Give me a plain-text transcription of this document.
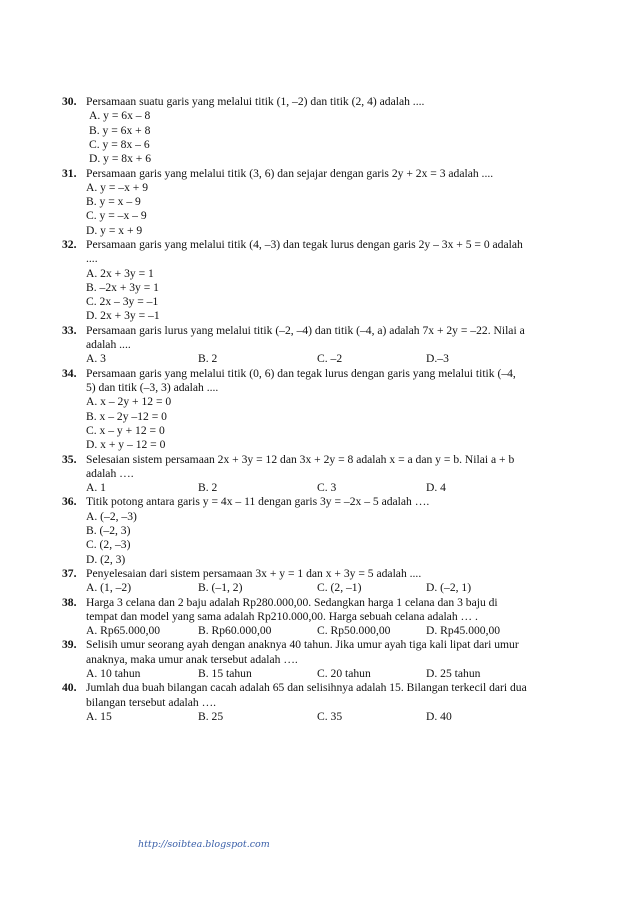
30. Persamaan suatu garis yang melalui titik (1, –2) dan titik (2, 4) adalah ....
A. y = 6x – 8
B. y = 6x + 8
C. y = 8x – 6
D. y = 8x + 6
31. Persamaan garis yang melalui titik (3, 6) dan sejajar dengan garis 2y + 2x = 3 adalah ....
A. y = –x + 9
B. y = x – 9
C. y = –x – 9
D. y = x + 9
32. Persamaan garis yang melalui titik (4, –3) dan tegak lurus dengan garis 2y – 3x + 5 = 0 adalah
....
A. 2x + 3y = 1
B. –2x + 3y = 1
C. 2x – 3y = –1
D. 2x + 3y = –1
33. Persamaan garis lurus yang melalui titik (–2, –4) dan titik (–4, a) adalah 7x + 2y = –22. Nilai a
adalah ....
A. 3	B. 2	C. –2	D.–3
34. Persamaan garis yang melalui titik (0, 6) dan tegak lurus dengan garis yang melalui titik (–4,
5) dan titik (–3, 3) adalah ....
A. x – 2y + 12 = 0
B. x – 2y –12 = 0
C. x – y + 12 = 0
D. x + y – 12 = 0
35. Selesaian sistem persamaan 2x + 3y = 12 dan 3x + 2y = 8 adalah x = a dan y = b. Nilai a + b
adalah ….
A. 1	B. 2	C. 3	D. 4
36. Titik potong antara garis y = 4x – 11 dengan garis 3y = –2x – 5 adalah ….
A. (–2, –3)
B. (–2, 3)
C. (2, –3)
D. (2, 3)
37. Penyelesaian dari sistem persamaan 3x + y = 1 dan x + 3y = 5 adalah ....
A. (1, –2)	B. (–1, 2)	C. (2, –1)	D. (–2, 1)
38. Harga 3 celana dan 2 baju adalah Rp280.000,00. Sedangkan harga 1 celana dan 3 baju di
tempat dan model yang sama adalah Rp210.000,00. Harga sebuah celana adalah … .
A. Rp65.000,00	B. Rp60.000,00	C. Rp50.000,00	D. Rp45.000,00
39. Selisih umur seorang ayah dengan anaknya 40 tahun. Jika umur ayah tiga kali lipat dari umur
anaknya, maka umur anak tersebut adalah ….
A. 10 tahun	B. 15 tahun	C. 20 tahun	D. 25 tahun
40. Jumlah dua buah bilangan cacah adalah 65 dan selisihnya adalah 15. Bilangan terkecil dari dua
bilangan tersebut adalah ….
A. 15	B. 25	C. 35	D. 40
http://soibtea.blogspot.com
